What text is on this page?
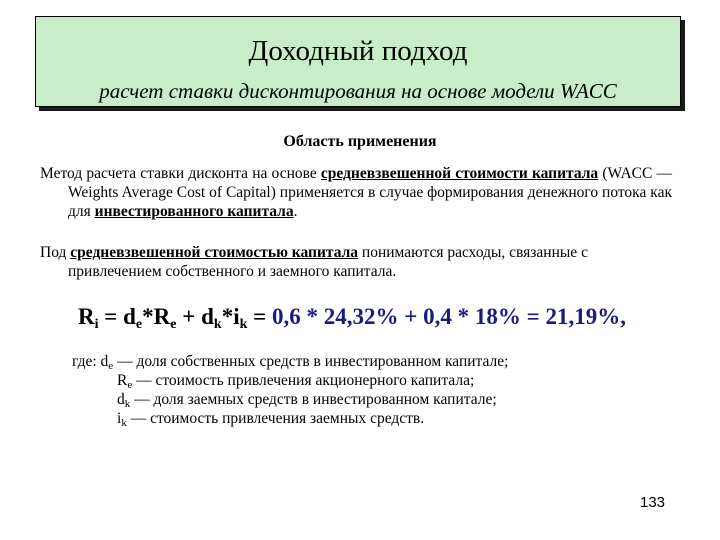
Доходный подход
расчет ставки дисконтирования на основе модели WACC
Область применения
Метод расчета ставки дисконта на основе средневзвешенной стоимости капитала (WACC — Weights Average Cost of Capital) применяется в случае формирования денежного потока как для инвестированного капитала.
Под средневзвешенной стоимостью капитала понимаются расходы, связанные с привлечением собственного и заемного капитала.
$R_i = d_e*R_e + d_k*i_k = 0,6 * 24,32\% + 0,4 * 18\% = 21,19\%$,
где: $d_e$ — доля собственных средств в инвестированном капитале;
$R_e$ — стоимость привлечения акционерного капитала;
$d_k$ — доля заемных средств в инвестированном капитале;
$i_k$ — стоимость привлечения заемных средств.
133
